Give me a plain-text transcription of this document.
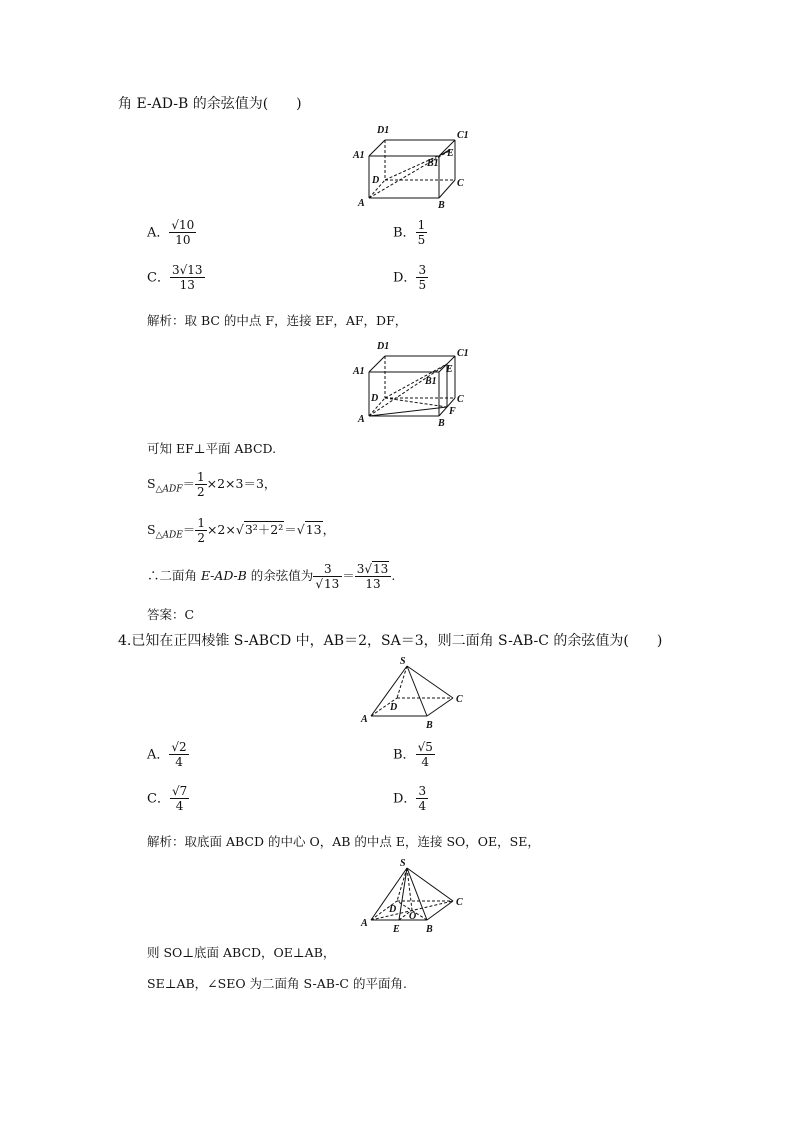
角 E-AD-B 的余弦值为(　　)
D1	C1
A1	E
B1
D	C
A	B
A． $\frac{√10}{10}$	B． $\frac{1}{5}$
C． $\frac{3√13}{13}$	D． $\frac{3}{5}$
解析：取 BC 的中点 F，连接 EF，AF，DF，
D1
C1
A1	E
B1
D	C
F
A	B
可知 EF⊥平面 ABCD.
$S_{\triangle ADF}= \frac{1}{2} \times 2\times 3=3$，
$S_{\triangle ADE}= \frac{1}{2} \times 2\times√3^2+2^2=√13$，
∴二面角 E-AD-B 的余弦值为 $\frac{3}{√13} = \frac{3√13}{13}$ .
答案：C
4.已知在正四棱锥 S-ABCD 中，AB＝2，SA＝3，则二面角 S-AB-C 的余弦值为(　　)
S
D
C
A
B
A． $\frac{√2}{4}$	B． $\frac{√5}{4}$
C． $\frac{√7}{4}$	D． $\frac{3}{4}$
解析：取底面 ABCD 的中心 O，AB 的中点 E，连接 SO，OE，SE，
S
D
O
C
A
E	B
则 SO⊥底面 ABCD，OE⊥AB，
SE⊥AB，∠SEO 为二面角 S-AB-C 的平面角.
